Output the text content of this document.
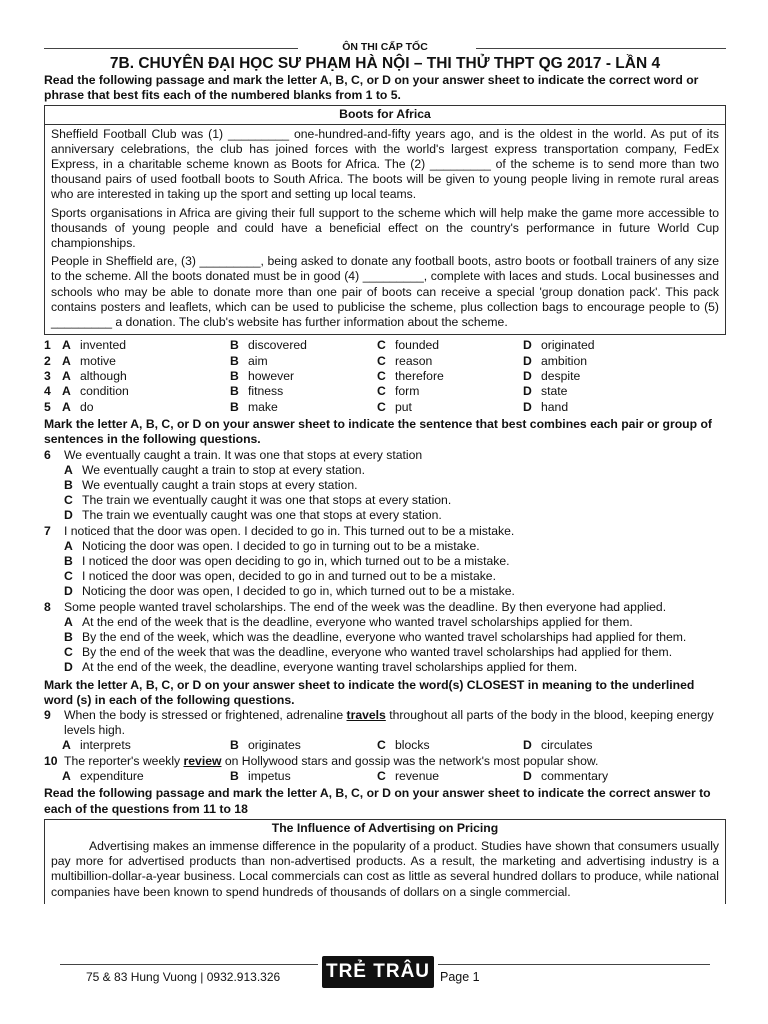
ÔN THI CẤP TỐC
7B. CHUYÊN ĐẠI HỌC SƯ PHẠM HÀ NỘI – THI THỬ THPT QG 2017 - LẦN 4

Read the following passage and mark the letter A, B, C, or D on your answer sheet to indicate the correct word or phrase that best fits each of the numbered blanks from 1 to 5.

Boots for Africa

Sheffield Football Club was (1) _________ one-hundred-and-fifty years ago, and is the oldest in the world. As put of its anniversary celebrations, the club has joined forces with the world's largest express transportation company, FedEx Express, in a charitable scheme known as Boots for Africa. The (2) _________ of the scheme is to send more than two thousand pairs of used football boots to South Africa. The boots will be given to young people living in remote rural areas who are interested in taking up the sport and setting up local teams.

Sports organisations in Africa are giving their full support to the scheme which will help make the game more accessible to thousands of young people and could have a beneficial effect on the country's performance in future World Cup championships.

People in Sheffield are, (3) _________, being asked to donate any football boots, astro boots or football trainers of any size to the scheme. All the boots donated must be in good (4) _________, complete with laces and studs. Local businesses and schools who may be able to donate more than one pair of boots can receive a special 'group donation pack'. This pack contains posters and leaflets, which can be used to publicise the scheme, plus collection bags to encourage people to (5) _________ a donation. The club's website has further information about the scheme.

1 A invented	B discovered	C founded	D originated
2 A motive	B aim	C reason	D ambition
3 A although	B however	C therefore	D despite
4 A condition	B fitness	C form	D state
5 A do	B make	C put	D hand

Mark the letter A, B, C, or D on your answer sheet to indicate the sentence that best combines each pair or group of sentences in the following questions.

6	We eventually caught a train. It was one that stops at every station
A We eventually caught a train to stop at every station.
B We eventually caught a train stops at every station.
C The train we eventually caught it was one that stops at every station.
D The train we eventually caught was one that stops at every station.
7	I noticed that the door was open. I decided to go in. This turned out to be a mistake.
A Noticing the door was open. I decided to go in turning out to be a mistake.
B I noticed the door was open deciding to go in, which turned out to be a mistake.
C I noticed the door was open, decided to go in and turned out to be a mistake.
D Noticing the door was open, I decided to go in, which turned out to be a mistake.
8	Some people wanted travel scholarships. The end of the week was the deadline. By then everyone had applied.
A At the end of the week that is the deadline, everyone who wanted travel scholarships applied for them.
B By the end of the week, which was the deadline, everyone who wanted travel scholarships had applied for them.
C By the end of the week that was the deadline, everyone who wanted travel scholarships had applied for them.
D At the end of the week, the deadline, everyone wanting travel scholarships applied for them.

Mark the letter A, B, C, or D on your answer sheet to indicate the word(s) CLOSEST in meaning to the underlined word (s) in each of the following questions.

9	When the body is stressed or frightened, adrenaline travels throughout all parts of the body in the blood, keeping energy levels high.
A interprets	B originates	C blocks	D circulates
10 The reporter's weekly review on Hollywood stars and gossip was the network's most popular show.
A expenditure	B impetus	C revenue	D commentary

Read the following passage and mark the letter A, B, C, or D on your answer sheet to indicate the correct answer to each of the questions from 11 to 18

The Influence of Advertising on Pricing

Advertising makes an immense difference in the popularity of a product. Studies have shown that consumers usually pay more for advertised products than non-advertised products. As a result, the marketing and advertising industry is a multibillion-dollar-a-year business. Local commercials can cost as little as several hundred dollars to produce, while national companies have been known to spend hundreds of thousands of dollars on a single commercial.

75 & 83 Hung Vuong | 0932.913.326 TRẺ TRÂU Page 1
